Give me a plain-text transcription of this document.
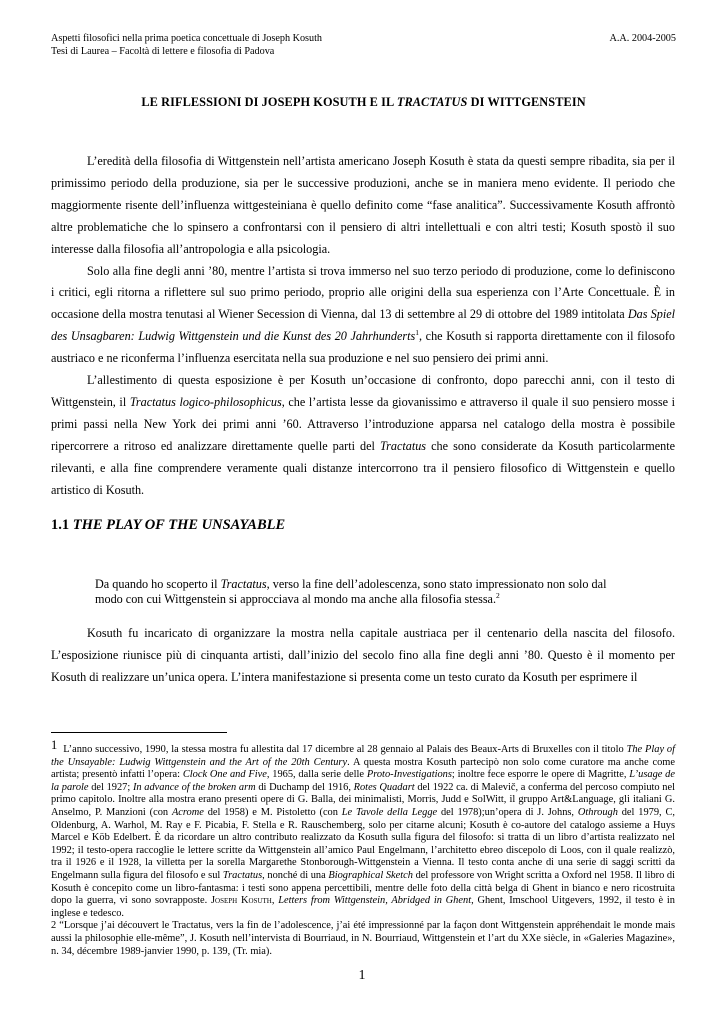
Aspetti filosofici nella prima poetica concettuale di Joseph Kosuth
Tesi di Laurea – Facoltà di lettere e filosofia di Padova
A.A. 2004-2005
LE RIFLESSIONI DI JOSEPH KOSUTH E IL TRACTATUS DI WITTGENSTEIN

L’eredità della filosofia di Wittgenstein nell’artista americano Joseph Kosuth è stata da questi sempre ribadita, sia per il primissimo periodo della produzione, sia per le successive produzioni, anche se in maniera meno evidente. Il periodo che maggiormente risente dell’influenza wittgesteiniana è quello definito come “fase analitica”. Successivamente Kosuth affrontò altre problematiche che lo spinsero a confrontarsi con il pensiero di altri intellettuali e con altri testi; Kosuth spostò il suo interesse dalla filosofia all’antropologia e alla psicologia.

Solo alla fine degli anni ’80, mentre l’artista si trova immerso nel suo terzo periodo di produzione, come lo definiscono i critici, egli ritorna a riflettere sul suo primo periodo, proprio alle origini della sua esperienza con l’Arte Concettuale. È in occasione della mostra tenutasi al Wiener Secession di Vienna, dal 13 di settembre al 29 di ottobre del 1989 intitolata Das Spiel des Unsagbaren: Ludwig Wittgenstein und die Kunst des 20 Jahrhunderts$^1$, che Kosuth si rapporta direttamente con il filosofo austriaco e ne riconferma l’influenza esercitata nella sua produzione e nel suo pensiero dei primi anni.

L’allestimento di questa esposizione è per Kosuth un’occasione di confronto, dopo parecchi anni, con il testo di Wittgenstein, il Tractatus logico-philosophicus, che l’artista lesse da giovanissimo e attraverso il quale il suo pensiero mosse i primi passi nella New York dei primi anni ’60. Attraverso l’introduzione apparsa nel catalogo della mostra è possibile ripercorrere a ritroso ed analizzare direttamente quelle parti del Tractatus che sono considerate da Kosuth particolarmente rilevanti, e alla fine comprendere veramente quali distanze intercorrono tra il pensiero filosofico di Wittgenstein e quello artistico di Kosuth.

1.1 THE PLAY OF THE UNSAYABLE
Da quando ho scoperto il Tractatus, verso la fine dell’adolescenza, sono stato impressionato non solo dal modo con cui Wittgenstein si approcciava al mondo ma anche alla filosofia stessa.$^2$

Kosuth fu incaricato di organizzare la mostra nella capitale austriaca per il centenario della nascita del filosofo. L’esposizione riunisce più di cinquanta artisti, dall’inizio del secolo fino alla fine degli anni ’80. Questo è il momento per Kosuth di realizzare un’unica opera. L’intera manifestazione si presenta come un testo curato da Kosuth per esprimere il

1 L’anno successivo, 1990, la stessa mostra fu allestita dal 17 dicembre al 28 gennaio al Palais des Beaux-Arts di Bruxelles con il titolo The Play of the Unsayable: Ludwig Wittgenstein and the Art of the 20th Century. A questa mostra Kosuth partecipò non solo come curatore ma anche come artista; presentò infatti l’opera: Clock One and Five, 1965, dalla serie delle Proto-Investigations; inoltre fece esporre le opere di Magritte, L’usage de la parole del 1927; In advance of the broken arm di Duchamp del 1916, Rotes Quadart del 1922 ca. di Malevič, a conferma del percoso compiuto nel primo capitolo. Inoltre alla mostra erano presenti opere di G. Balla, dei minimalisti, Morris, Judd e SolWitt, il gruppo Art&Language, gli italiani G. Anselmo, P. Manzioni (con Acrome del 1958) e M. Pistoletto (con Le Tavole della Legge del 1978);un’opera di J. Johns, Othrough del 1979, C, Oldenburg, A. Warhol, M. Ray e F. Picabia, F. Stella e R. Rauschemberg, solo per citarne alcuni; Kosuth è co-autore del catalogo assieme a Huys Marcel e Köb Edelbert. È da ricordare un altro contributo realizzato da Kosuth sulla figura del filosofo: si tratta di un libro d’artista realizzato nel 1992; il testo-opera raccoglie le lettere scritte da Wittgenstein all’amico Paul Engelmann, l’architetto ebreo discepolo di Loos, con il quale realizzò, tra il 1926 e il 1928, la villetta per la sorella Margarethe Stonborough-Wittgenstein a Vienna. Il testo conta anche di una serie di saggi scritti da Engelmann sulla figura del filosofo e sul Tractatus, nonché di una Biographical Sketch del professore von Wright scritta a Oxford nel 1958. Il libro di Kosuth è concepito come un libro-fantasma: i testi sono appena percettibili, mentre delle foto della città belga di Ghent in bianco e nero ricostruita dopo la guerra, vi sono sovrapposte. Joseph Kosuth, Letters from Wittgenstein, Abridged in Ghent, Ghent, Imschool Uitgevers, 1992, il testo è in inglese e tedesco.

2 “Lorsque j’ai découvert le Tractatus, vers la fin de l’adolescence, j’ai été impressionné par la façon dont Wittgenstein appréhendait le monde mais aussi la philosophie elle-même”, J. Kosuth nell’intervista di Bourriaud, in N. Bourriaud, Wittgenstein et l’art du XXe siècle, in «Galeries Magazine», n. 34, décembre 1989-janvier 1990, p. 139, (Tr. mia).

1
